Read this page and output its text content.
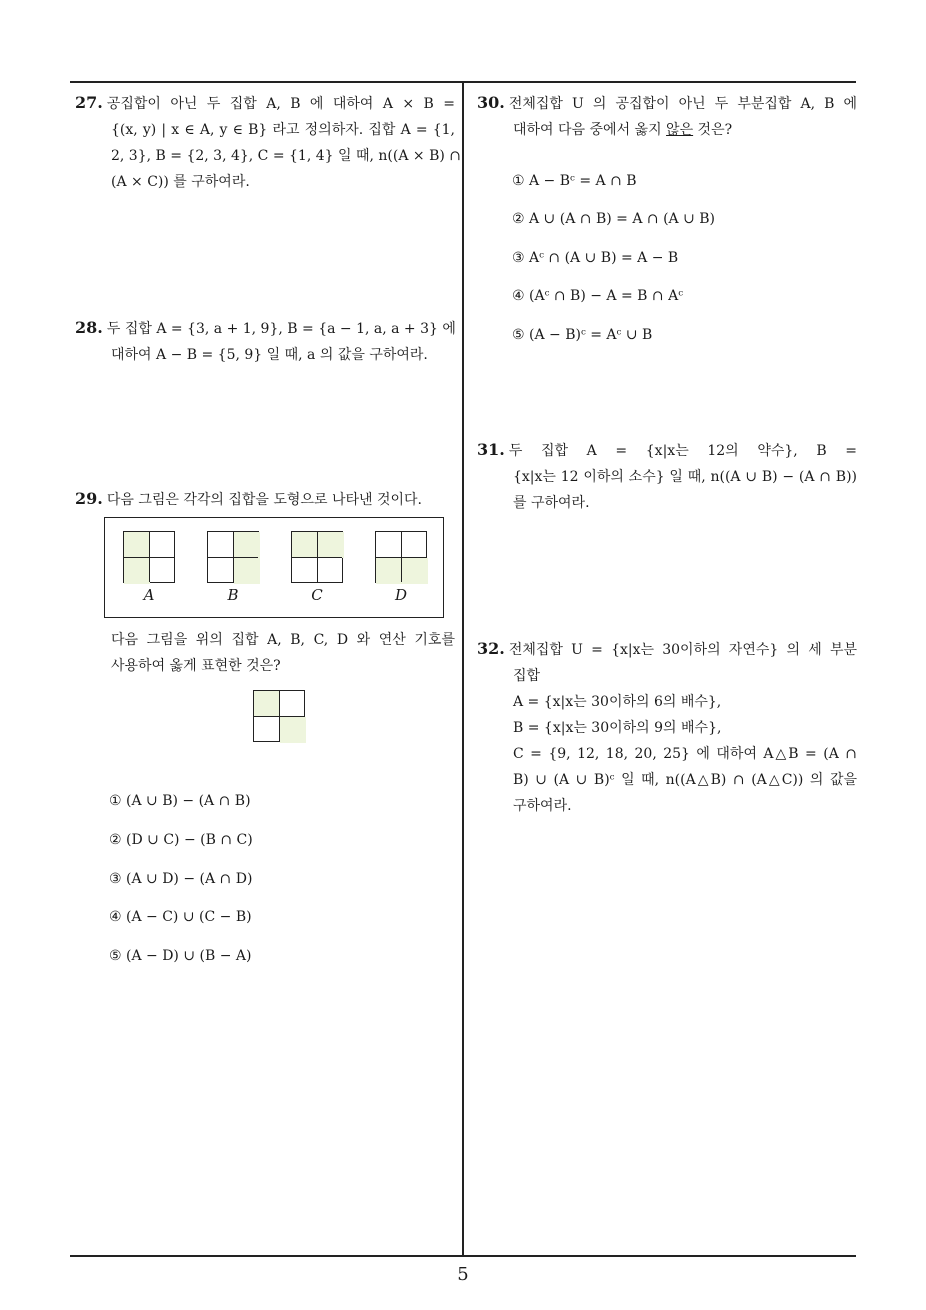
27. 공집합이 아닌 두 집합 A, B 에 대하여 A × B =
{(x, y) | x ∈ A, y ∈ B} 라고 정의하자. 집합 A = {1,
2, 3}, B = {2, 3, 4}, C = {1, 4} 일 때, n((A × B) ∩
(A × C)) 를 구하여라.
28. 두 집합 A = {3, a + 1, 9}, B = {a − 1, a, a + 3} 에
대하여 A − B = {5, 9} 일 때, a 의 값을 구하여라.
29. 다음 그림은 각각의 집합을 도형으로 나타낸 것이다.
A	B	C	D
다음 그림을 위의 집합 A, B, C, D 와 연산 기호를
사용하여 옳게 표현한 것은?
① (A ∪ B) − (A ∩ B)
② (D ∪ C) − (B ∩ C)
③ (A ∪ D) − (A ∩ D)
④ (A − C) ∪ (C − B)
⑤ (A − D) ∪ (B − A)
30. 전체집합 U 의 공집합이 아닌 두 부분집합 A, B 에
대하여 다음 중에서 옳지 않은 것은?
① A − Bᶜ = A ∩ B
② A ∪ (A ∩ B) = A ∩ (A ∪ B)
③ Aᶜ ∩ (A ∪ B) = A − B
④ (Aᶜ ∩ B) − A = B ∩ Aᶜ
⑤ (A − B)ᶜ = Aᶜ ∪ B
31. 두 집합 A = {x|x는 12의 약수}, B =
{x|x는 12 이하의 소수} 일 때, n((A ∪ B) − (A ∩ B))
를 구하여라.
32. 전체집합 U = {x|x는 30이하의 자연수} 의 세 부분
집합
A = {x|x는 30이하의 6의 배수},
B = {x|x는 30이하의 9의 배수},
C = {9, 12, 18, 20, 25} 에 대하여 A△B = (A ∩
B) ∪ (A ∪ B)ᶜ 일 때, n((A△B) ∩ (A△C)) 의 값을
구하여라.
5
